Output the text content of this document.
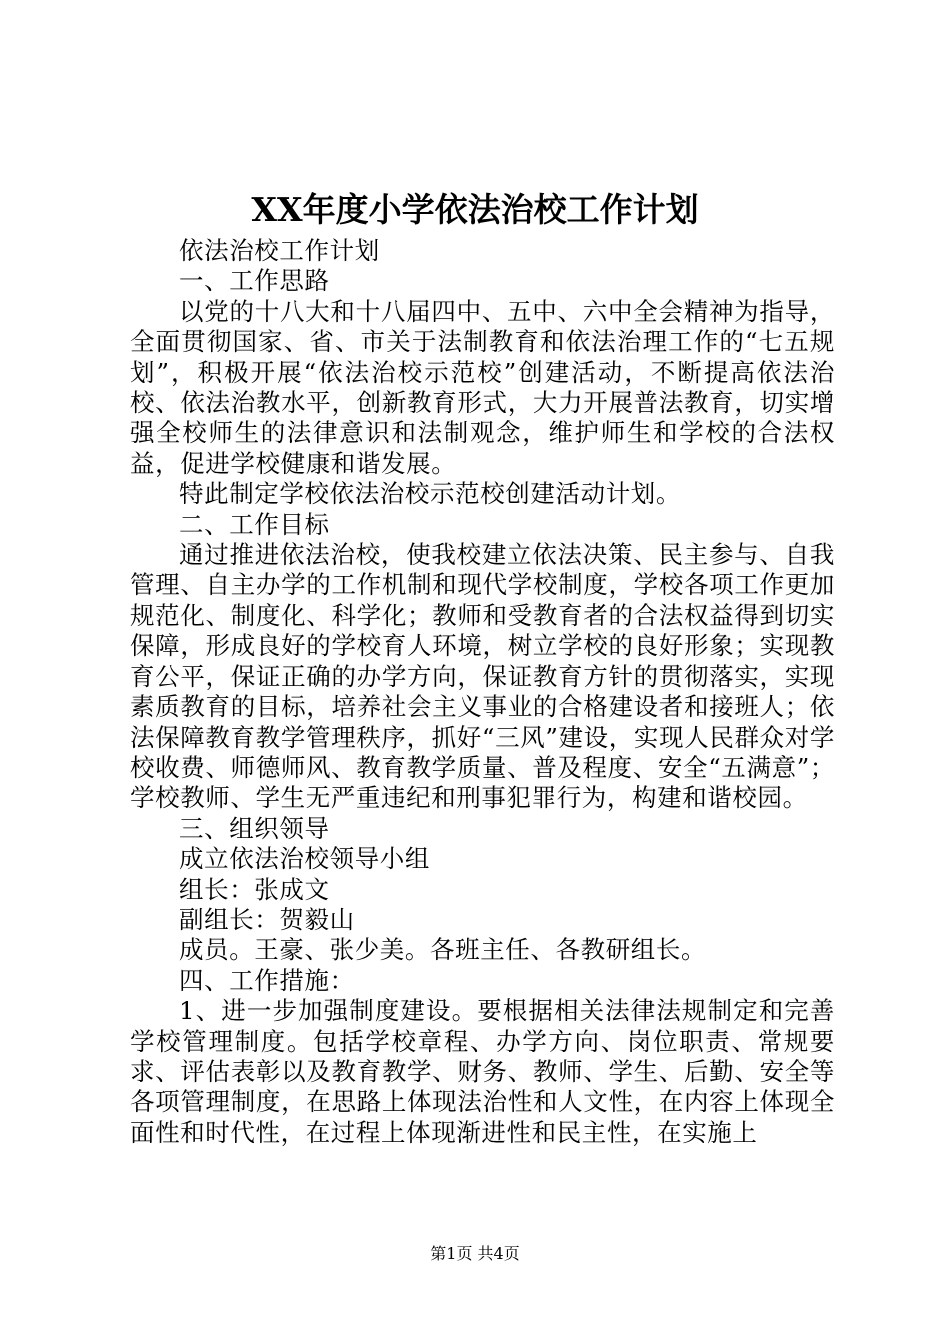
XX年度小学依法治校工作计划

依法治校工作计划

一、工作思路

以党的十八大和十八届四中、五中、六中全会精神为指导，全面贯彻国家、省、市关于法制教育和依法治理工作的“七五规划”，积极开展“依法治校示范校”创建活动，不断提高依法治校、依法治教水平，创新教育形式，大力开展普法教育，切实增强全校师生的法律意识和法制观念，维护师生和学校的合法权益，促进学校健康和谐发展。

特此制定学校依法治校示范校创建活动计划。

二、工作目标

通过推进依法治校，使我校建立依法决策、民主参与、自我管理、自主办学的工作机制和现代学校制度，学校各项工作更加规范化、制度化、科学化；教师和受教育者的合法权益得到切实保障，形成良好的学校育人环境，树立学校的良好形象；实现教育公平，保证正确的办学方向，保证教育方针的贯彻落实，实现素质教育的目标，培养社会主义事业的合格建设者和接班人；依法保障教育教学管理秩序，抓好“三风”建设，实现人民群众对学校收费、师德师风、教育教学质量、普及程度、安全“五满意”；学校教师、学生无严重违纪和刑事犯罪行为，构建和谐校园。

三、组织领导

成立依法治校领导小组

组长：张成文

副组长：贺毅山

成员。王豪、张少美。各班主任、各教研组长。

四、工作措施：

1、进一步加强制度建设。要根据相关法律法规制定和完善学校管理制度。包括学校章程、办学方向、岗位职责、常规要求、评估表彰以及教育教学、财务、教师、学生、后勤、安全等各项管理制度，在思路上体现法治性和人文性，在内容上体现全面性和时代性，在过程上体现渐进性和民主性，在实施上

第1页 共4页
